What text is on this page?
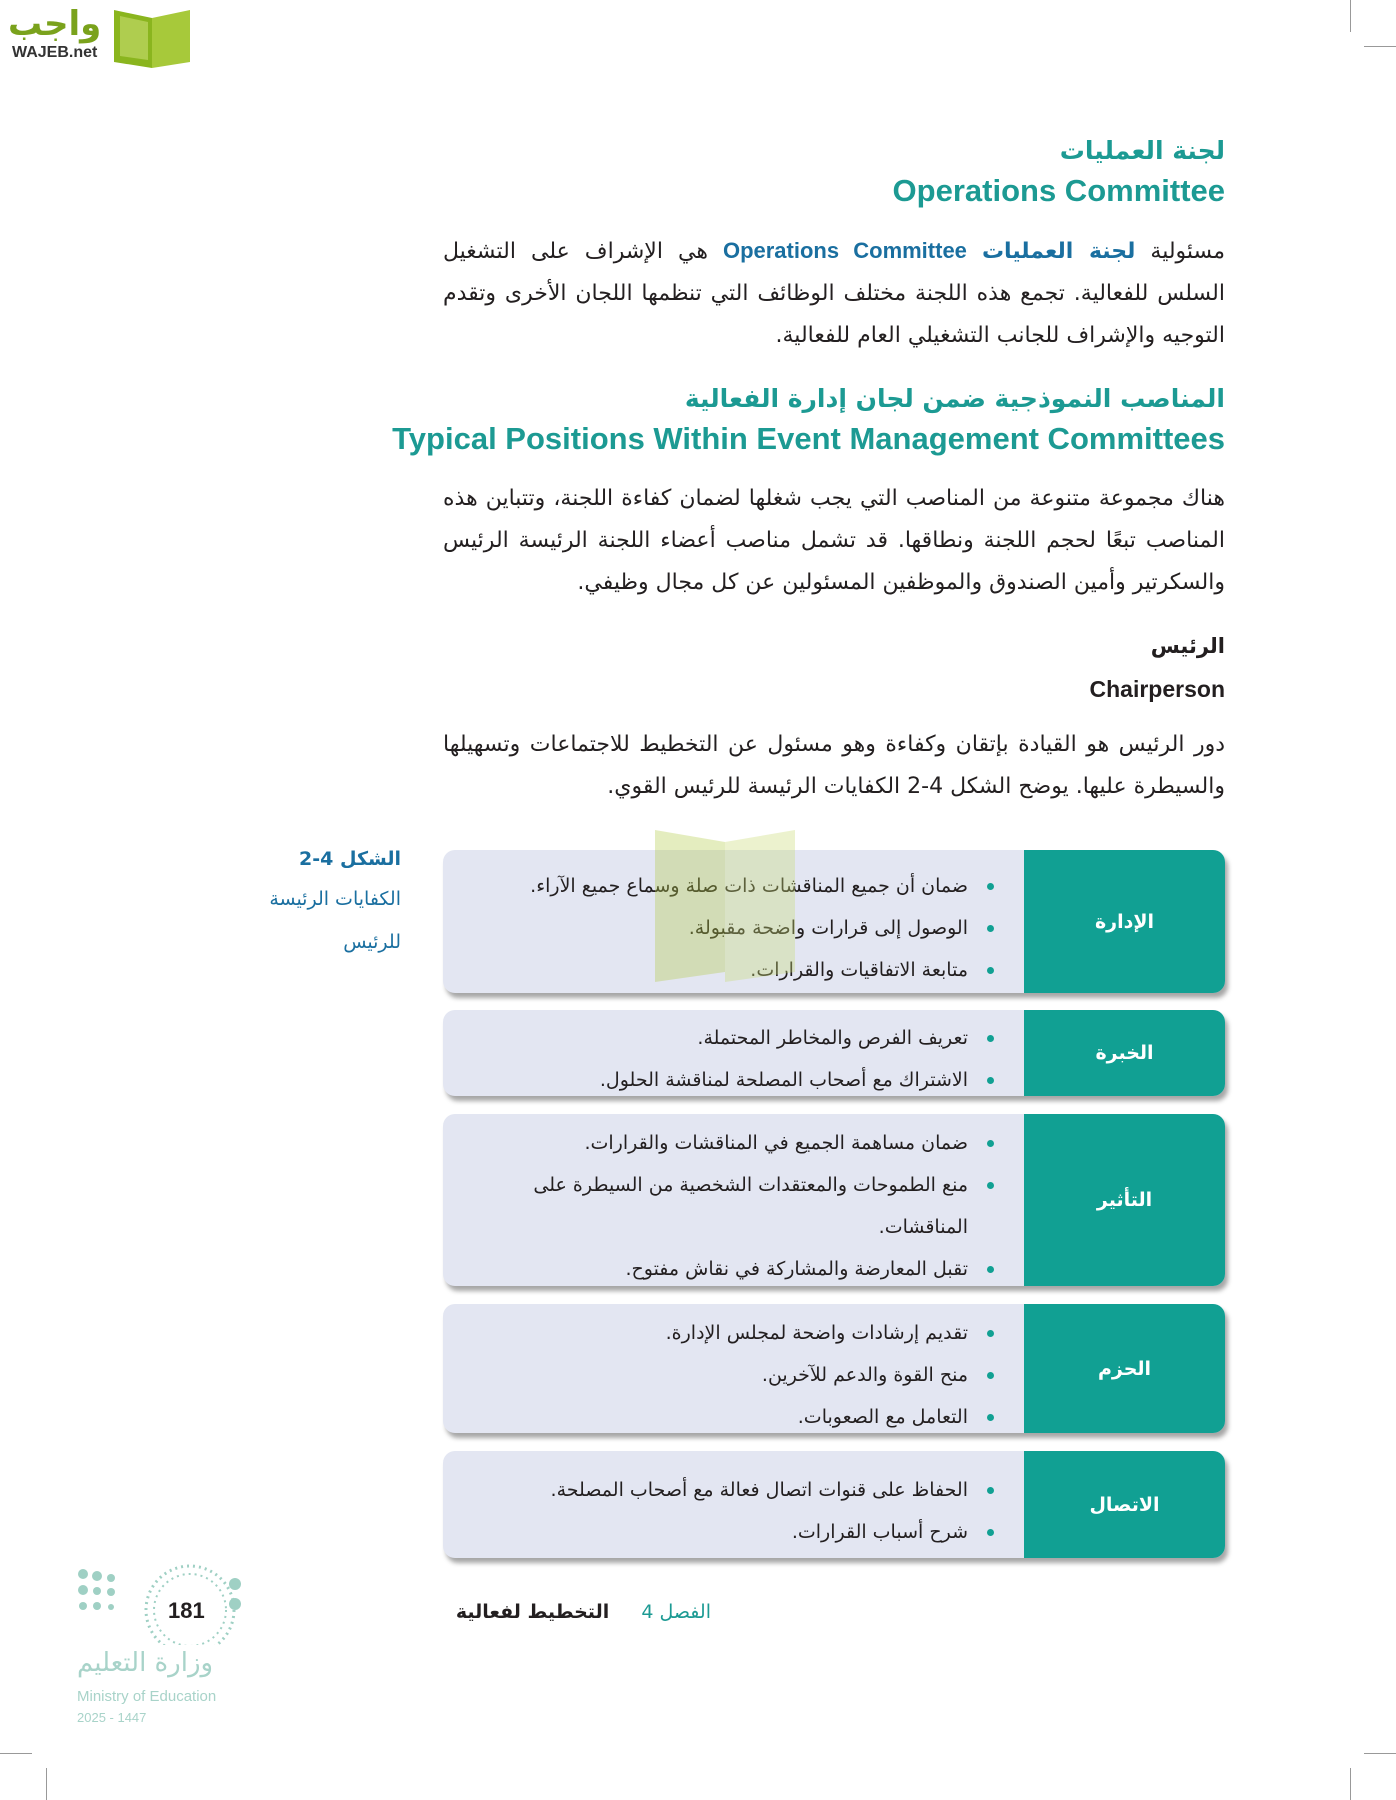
واجب
WAJEB.net
لجنة العمليات
Operations Committee
مسئولية لجنة العمليات Operations Committee هي الإشراف على التشغيل السلس للفعالية. تجمع هذه اللجنة مختلف الوظائف التي تنظمها اللجان الأخرى وتقدم التوجيه والإشراف للجانب التشغيلي العام للفعالية.
المناصب النموذجية ضمن لجان إدارة الفعالية
Typical Positions Within Event Management Committees
هناك مجموعة متنوعة من المناصب التي يجب شغلها لضمان كفاءة اللجنة، وتتباين هذه المناصب تبعًا لحجم اللجنة ونطاقها. قد تشمل مناصب أعضاء اللجنة الرئيسة الرئيس والسكرتير وأمين الصندوق والموظفين المسئولين عن كل مجال وظيفي.
الرئيس
Chairperson
دور الرئيس هو القيادة بإتقان وكفاءة وهو مسئول عن التخطيط للاجتماعات وتسهيلها والسيطرة عليها. يوضح الشكل 4-2 الكفايات الرئيسة للرئيس القوي.
الشكل 4-2
الكفايات الرئيسة
للرئيس
الإدارة
ضمان أن جميع المناقشات ذات صلة وسماع جميع الآراء.
الوصول إلى قرارات واضحة مقبولة.
متابعة الاتفاقيات والقرارات.
الخبرة
تعريف الفرص والمخاطر المحتملة.
الاشتراك مع أصحاب المصلحة لمناقشة الحلول.
التأثير
ضمان مساهمة الجميع في المناقشات والقرارات.
منع الطموحات والمعتقدات الشخصية من السيطرة على المناقشات.
تقبل المعارضة والمشاركة في نقاش مفتوح.
الحزم
تقديم إرشادات واضحة لمجلس الإدارة.
منح القوة والدعم للآخرين.
التعامل مع الصعوبات.
الاتصال
الحفاظ على قنوات اتصال فعالة مع أصحاب المصلحة.
شرح أسباب القرارات.
الفصل 4  التخطيط لفعالية
181
وزارة التعليم
Ministry of Education
2025 - 1447
